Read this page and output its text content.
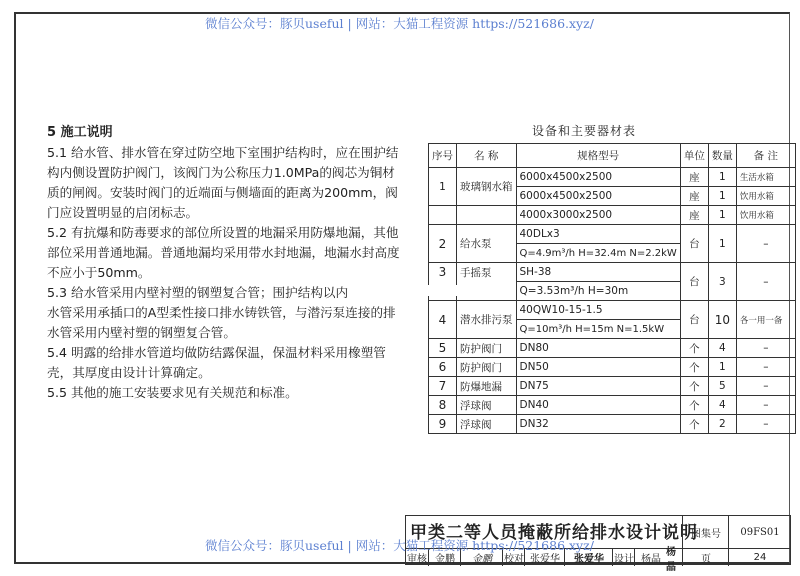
微信公众号：豚贝useful | 网站：大猫工程资源 https://521686.xyz/

5 施工说明

5.1 给水管、排水管在穿过防空地下室围护结构时，应在围护结构内侧设置防护阀门，该阀门为公称压力1.0MPa的阀芯为铜材质的闸阀。安装时阀门的近端面与侧墙面的距离为200mm，阀门应设置明显的启闭标志。

5.2 有抗爆和防毒要求的部位所设置的地漏采用防爆地漏，其他部位采用普通地漏。普通地漏均采用带水封地漏，地漏水封高度不应小于50mm。

5.3 给水管采用内壁衬塑的钢塑复合管；围护结构以内

水管采用承插口的A型柔性接口排水铸铁管，与潜污泵连接的排水管采用内壁衬塑的钢塑复合管。

5.4 明露的给排水管道均做防结露保温，保温材料采用橡塑管壳，其厚度由设计计算确定。

5.5 其他的施工安装要求见有关规范和标准。

设备和主要器材表
序号	名 称	规格型号	单位	数量	备 注
1	玻璃钢水箱	6000x4500x2500	座	1	生活水箱
		6000x4500x2500	座	1	饮用水箱
		4000x3000x2500	座	1	饮用水箱
2	给水泵	40DLx3	台	1	–
		Q=4.9m³/h H=32.4m N=2.2kW			
3	手摇泵	SH-38	台	3	–
		Q=3.53m³/h H=30m			
4	潜水排污泵	40QW10-15-1.5	台	10	各一用一备
		Q=10m³/h H=15m N=1.5kW			
5	防护阀门	DN80	个	4	–
6	防护阀门	DN50	个	1	–
7	防爆地漏	DN75	个	5	–
8	浮球阀	DN40	个	4	–
9	浮球阀	DN32	个	2	–
微信公众号：豚贝useful | 网站：大猫工程资源 https://521686.xyz/
甲类二等人员掩蔽所给排水设计说明
图集号	09FS01
审核 金鹏	金鹏	校对 张爱华	张爱华	设计 杨晶
杨晶
页	24
